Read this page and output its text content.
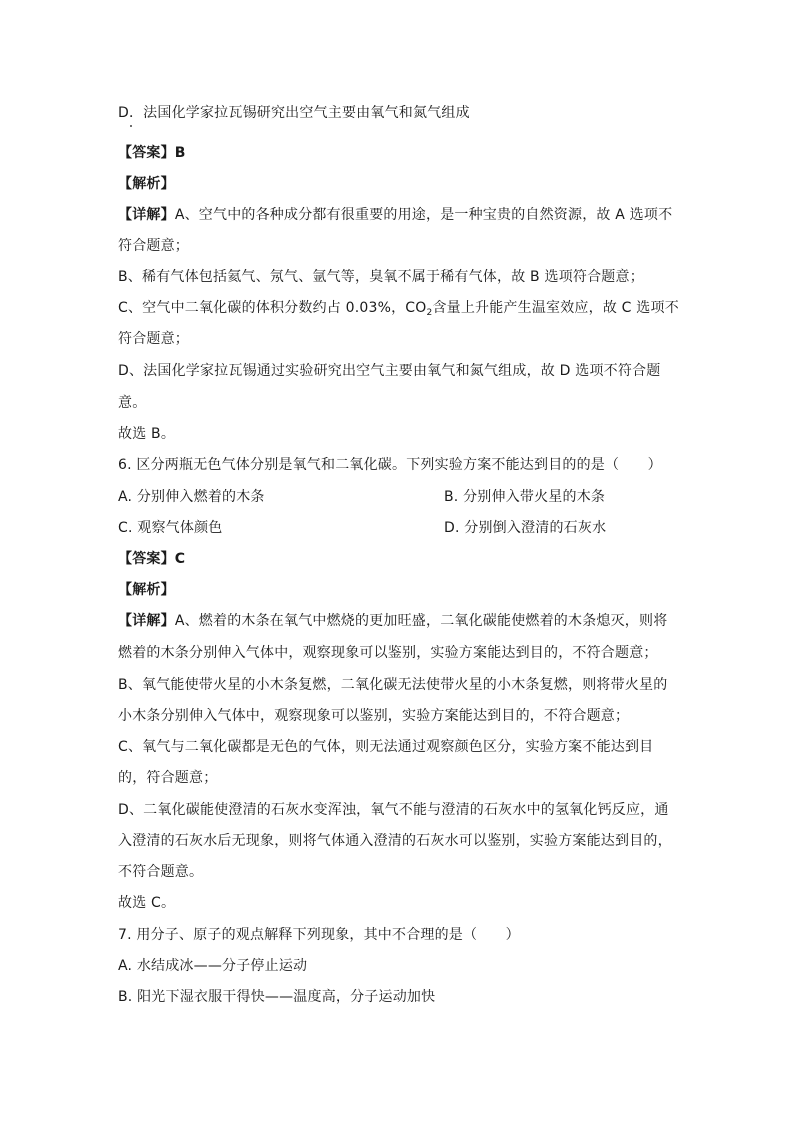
D．法国化学家拉瓦锡研究出空气主要由氧气和氮气组成
【答案】B
【解析】
【详解】A、空气中的各种成分都有很重要的用途，是一种宝贵的自然资源，故 A 选项不
符合题意；
B、稀有气体包括氦气、氖气、氩气等，臭氧不属于稀有气体，故 B 选项符合题意；
C、空气中二氧化碳的体积分数约占 0.03%，$CO_2$含量上升能产生温室效应，故 C 选项不
符合题意；
D、法国化学家拉瓦锡通过实验研究出空气主要由氧气和氮气组成，故 D 选项不符合题
意。
故选 B。
6. 区分两瓶无色气体分别是氧气和二氧化碳。下列实验方案不能达到目的的是（　　）
A. 分别伸入燃着的木条	B. 分别伸入带火星的木条
C. 观察气体颜色	D. 分别倒入澄清的石灰水
【答案】C
【解析】
【详解】A、燃着的木条在氧气中燃烧的更加旺盛，二氧化碳能使燃着的木条熄灭，则将
燃着的木条分别伸入气体中，观察现象可以鉴别，实验方案能达到目的，不符合题意；
B、氧气能使带火星的小木条复燃，二氧化碳无法使带火星的小木条复燃，则将带火星的
小木条分别伸入气体中，观察现象可以鉴别，实验方案能达到目的，不符合题意；
C、氧气与二氧化碳都是无色的气体，则无法通过观察颜色区分，实验方案不能达到目
的，符合题意；
D、二氧化碳能使澄清的石灰水变浑浊，氧气不能与澄清的石灰水中的氢氧化钙反应，通
入澄清的石灰水后无现象，则将气体通入澄清的石灰水可以鉴别，实验方案能达到目的，
不符合题意。
故选 C。
7. 用分子、原子的观点解释下列现象，其中不合理的是（　　）
A. 水结成冰——分子停止运动
B. 阳光下湿衣服干得快——温度高，分子运动加快
